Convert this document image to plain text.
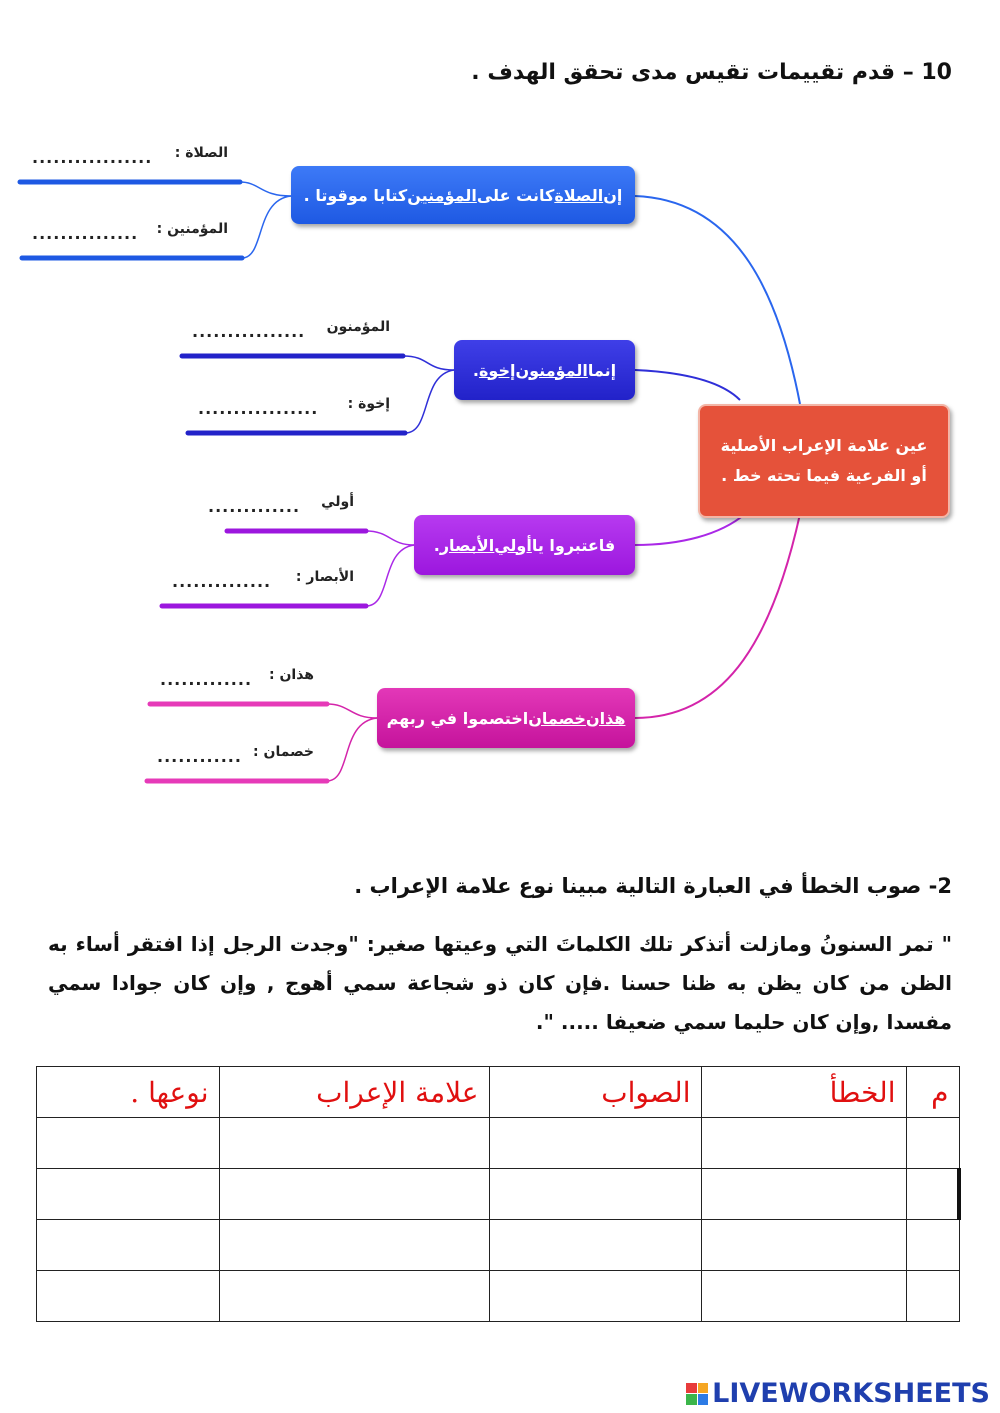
10 – قدم تقييمات تقيس مدى تحقق الهدف .
عين علامة الإعراب الأصلية
أو الفرعية فيما تحته خط .
إن
الصلاة
كانت على
المؤمنين
كتابا موقوتا .
إنما
المؤمنون
إخوة
.
فاعتبروا يا
أولي
الأبصار
.
هذان
خصمان
اختصموا في ربهم
الصلاة :
.................
المؤمنين :
...............
المؤمنون
................
إخوة :
.................
أولي
.............
الأبصار :
..............
هذان :
.............
خصمان :
............
2- صوب الخطأ في العبارة التالية مبينا نوع علامة الإعراب .
" تمر السنونُ ومازلت أتذكر تلك الكلماتَ التي وعيتها صغير: "وجدت الرجل إذا افتقر أساء به الظن من كان يظن به ظنا حسنا .فإن كان ذو شجاعة سمي أهوج , وإن كان جوادا سمي مفسدا ,وإن كان حليما سمي ضعيفا ..... ".
م	الخطأ	الصواب	علامة الإعراب	نوعها .

LIVEWORKSHEETS
